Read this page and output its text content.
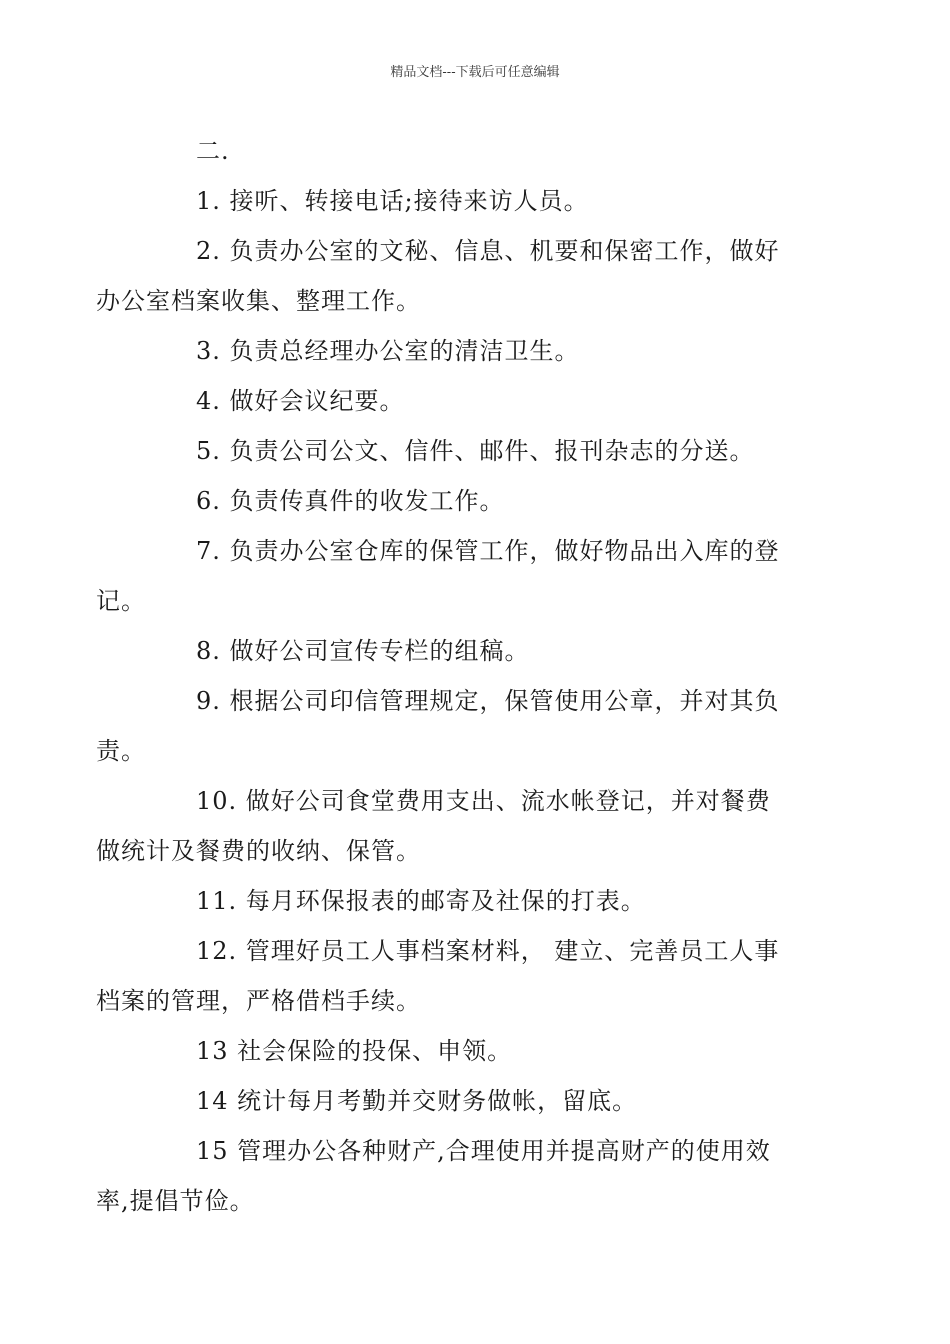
精品文档---下载后可任意编辑

二.

1. 接听、转接电话;接待来访人员。

2. 负责办公室的文秘、信息、机要和保密工作，做好
办公室档案收集、整理工作。

3. 负责总经理办公室的清洁卫生。

4. 做好会议纪要。

5. 负责公司公文、信件、邮件、报刊杂志的分送。

6. 负责传真件的收发工作。

7. 负责办公室仓库的保管工作，做好物品出入库的登
记。

8. 做好公司宣传专栏的组稿。

9. 根据公司印信管理规定，保管使用公章，并对其负
责。

10. 做好公司食堂费用支出、流水帐登记，并对餐费
做统计及餐费的收纳、保管。

11. 每月环保报表的邮寄及社保的打表。

12. 管理好员工人事档案材料， 建立、完善员工人事
档案的管理，严格借档手续。

13 社会保险的投保、申领。

14 统计每月考勤并交财务做帐，留底。

15 管理办公各种财产,合理使用并提高财产的使用效
率,提倡节俭。
